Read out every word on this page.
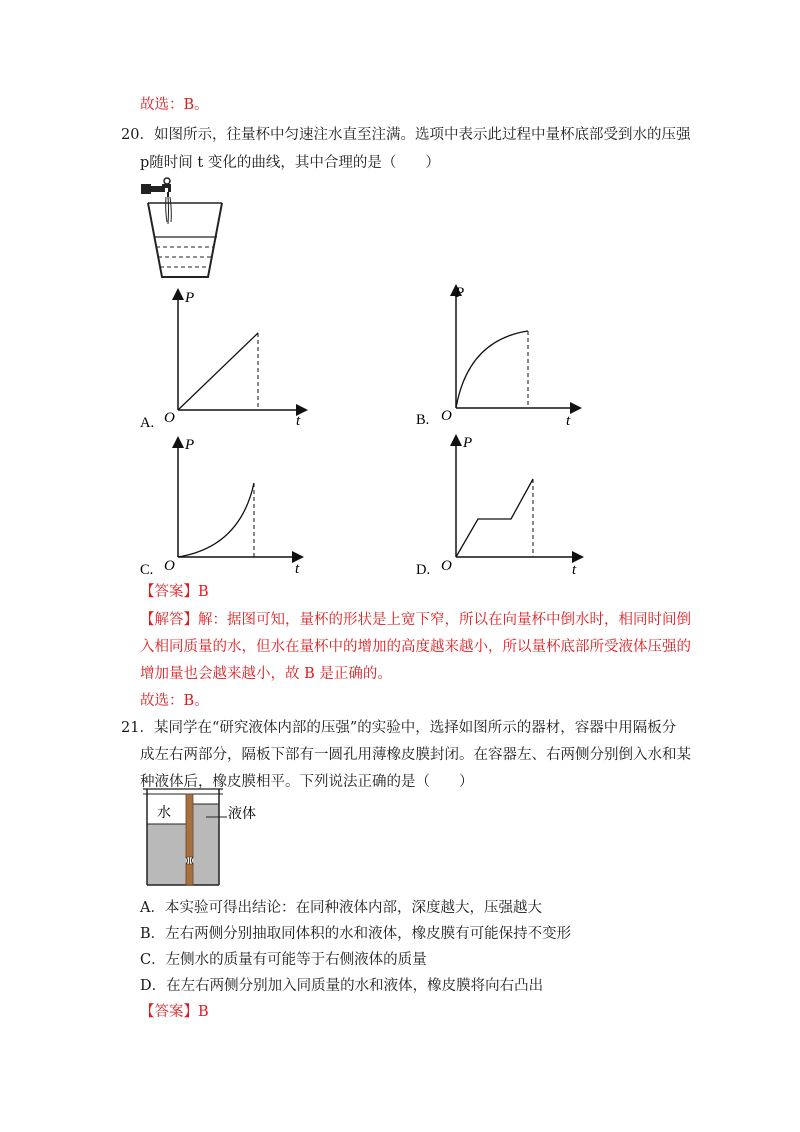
故选：B。
20．如图所示，往量杯中匀速注水直至注满。选项中表示此过程中量杯底部受到水的压强
p随时间 t 变化的曲线，其中合理的是（　　）
P
t
O
A.
P
t
O
B.
P
t
O
C.
P
t
O
D.
【答案】B
【解答】解：据图可知，量杯的形状是上宽下窄，所以在向量杯中倒水时，相同时间倒
入相同质量的水，但水在量杯中的增加的高度越来越小，所以量杯底部所受液体压强的
增加量也会越来越小，故 B 是正确的。
故选：B。
21．某同学在“研究液体内部的压强”的实验中，选择如图所示的器材，容器中用隔板分
成左右两部分，隔板下部有一圆孔用薄橡皮膜封闭。在容器左、右两侧分别倒入水和某
种液体后，橡皮膜相平。下列说法正确的是（　　）
水	液体
A．本实验可得出结论：在同种液体内部，深度越大，压强越大
B．左右两侧分别抽取同体积的水和液体，橡皮膜有可能保持不变形
C．左侧水的质量有可能等于右侧液体的质量
D．在左右两侧分别加入同质量的水和液体，橡皮膜将向右凸出
【答案】B
